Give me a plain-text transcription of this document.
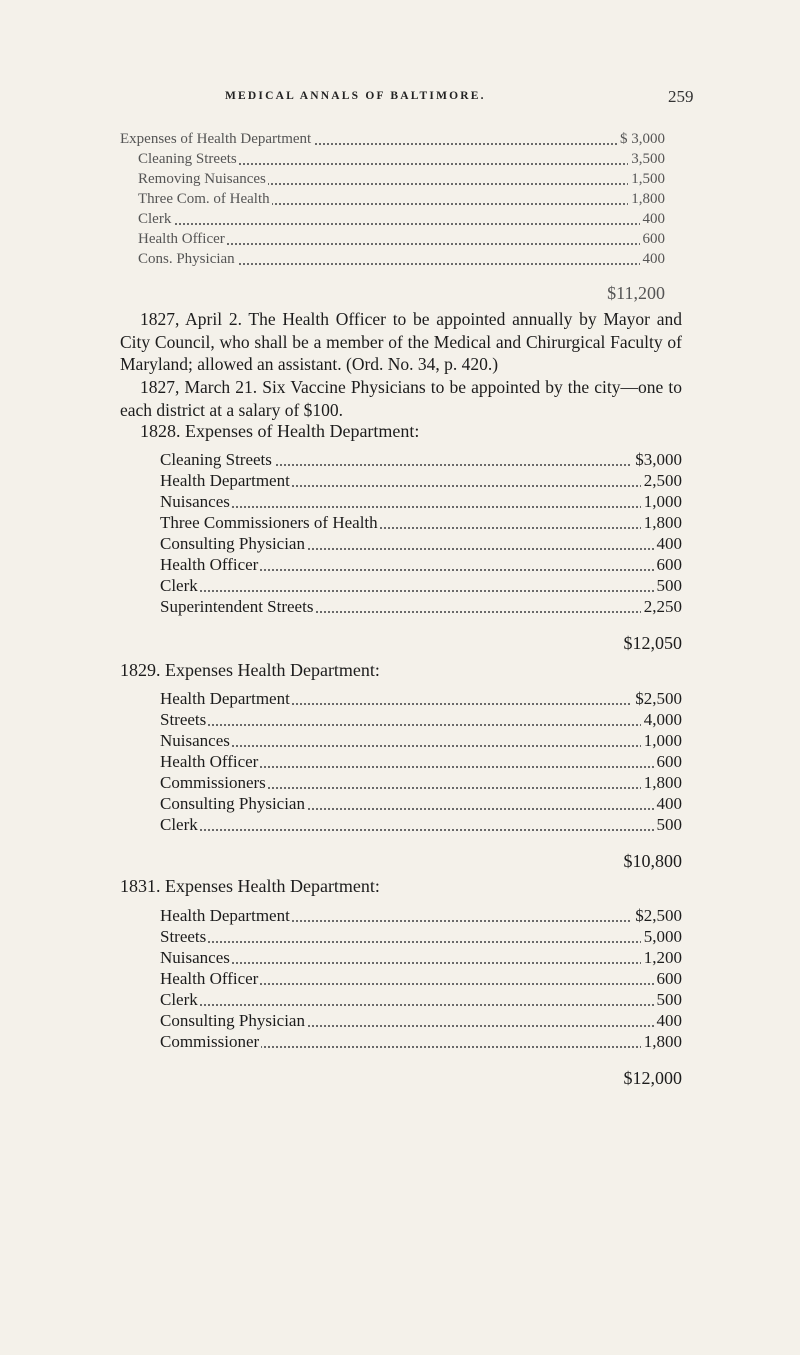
MEDICAL ANNALS OF BALTIMORE.	259
Expenses of Health Department	$ 3,000
Cleaning Streets	3,500
Removing Nuisances	1,500
Three Com. of Health	1,800
Clerk	400
Health Officer	600
Cons. Physician	400
$11,200
1827, April 2. The Health Officer to be appointed annually by Mayor and City Council, who shall be a member of the Medical and Chirurgical Faculty of Maryland; allowed an assistant. (Ord. No. 34, p. 420.)
1827, March 21. Six Vaccine Physicians to be appointed by the city—one to each district at a salary of $100.
1828. Expenses of Health Department:
Cleaning Streets	$3,000
Health Department	2,500
Nuisances	1,000
Three Commissioners of Health	1,800
Consulting Physician	400
Health Officer	600
Clerk	500
Superintendent Streets	2,250
$12,050
1829. Expenses Health Department:
Health Department	$2,500
Streets	4,000
Nuisances	1,000
Health Officer	600
Commissioners	1,800
Consulting Physician	400
Clerk	500
$10,800
1831. Expenses Health Department:
Health Department	$2,500
Streets	5,000
Nuisances	1,200
Health Officer	600
Clerk	500
Consulting Physician	400
Commissioner	1,800
$12,000
